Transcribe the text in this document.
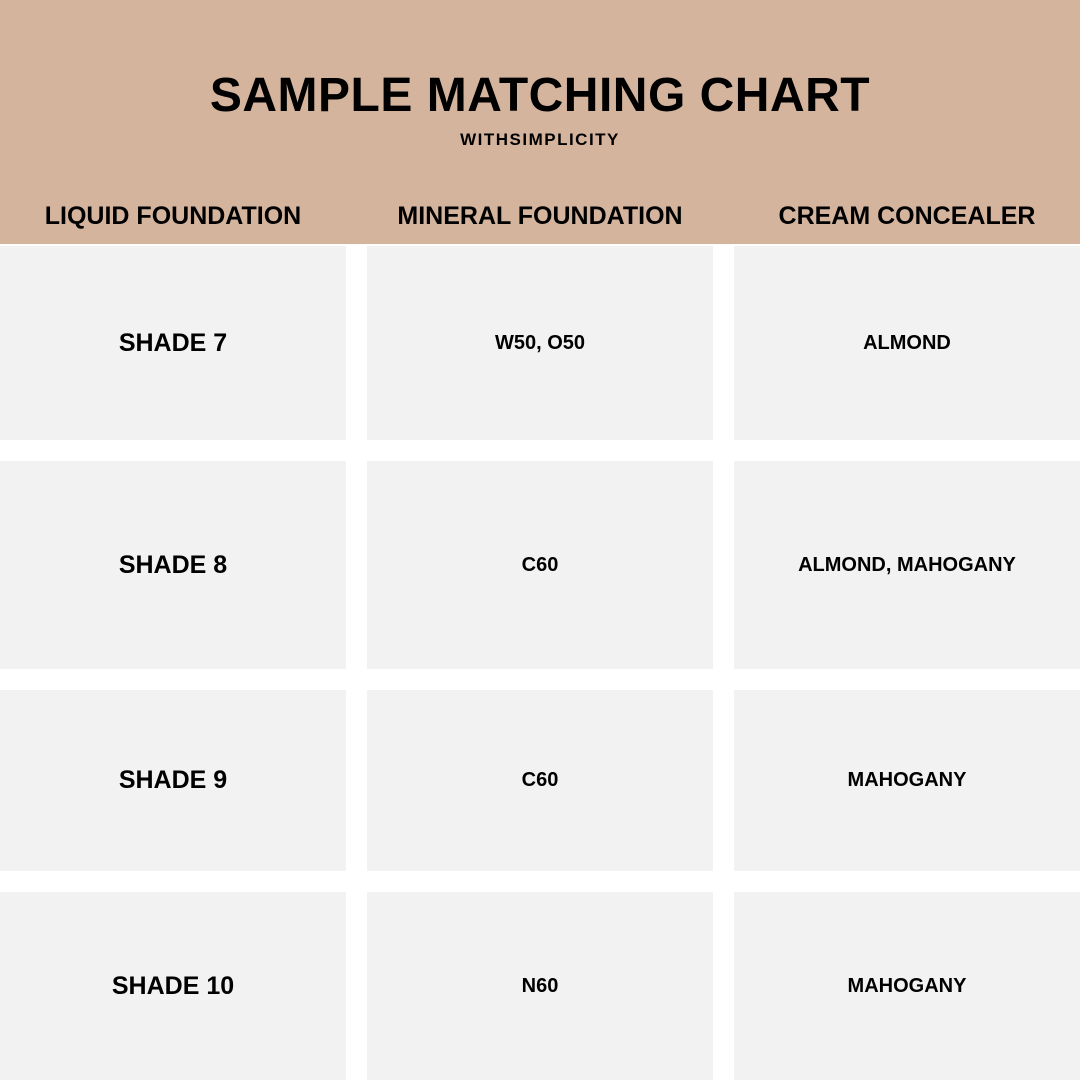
SAMPLE MATCHING CHART
WITHSIMPLICITY
LIQUID FOUNDATION	MINERAL FOUNDATION	CREAM CONCEALER
SHADE 7	W50, O50	ALMOND
SHADE 8	C60	ALMOND, MAHOGANY
SHADE 9	C60	MAHOGANY
SHADE 10	N60	MAHOGANY
